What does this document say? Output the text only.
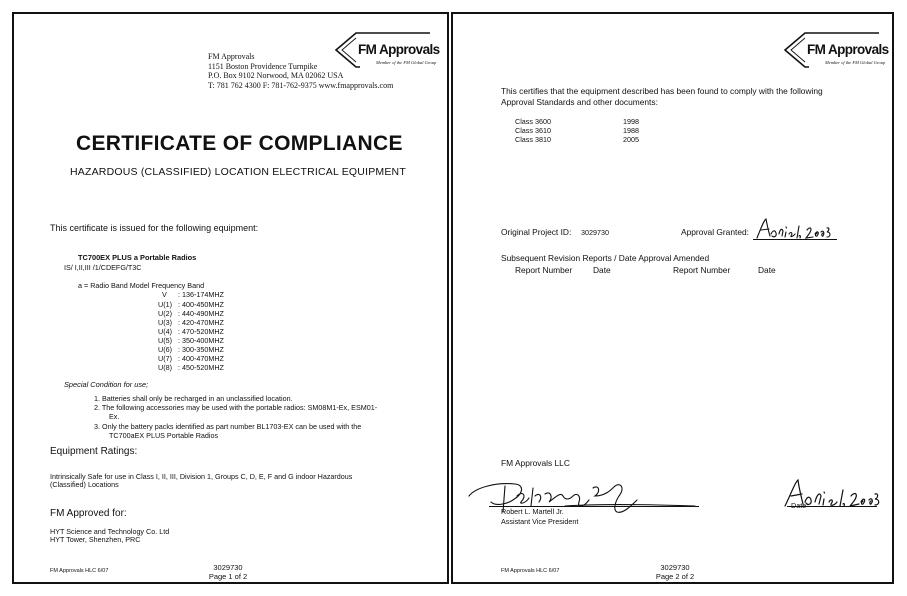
FM Approvals
Member of the FM Global Group
FM Approvals
1151 Boston Providence Turnpike
P.O. Box 9102 Norwood, MA 02062 USA
T: 781 762 4300 F: 781-762-9375 www.fmapprovals.com
CERTIFICATE OF COMPLIANCE
HAZARDOUS (CLASSIFIED) LOCATION ELECTRICAL EQUIPMENT
This certificate is issued for the following equipment:
TC700EX PLUS a Portable Radios
IS/ I,II,III /1/CDEFG/T3C
a = Radio Band Model Frequency Band
V : 136-174MHZ
U(1) : 400-450MHZ
U(2) : 440-490MHZ
U(3) : 420-470MHZ
U(4) : 470-520MHZ
U(5) : 350-400MHZ
U(6) : 300-350MHZ
U(7) : 400-470MHZ
U(8) : 450-520MHZ
Special Condition for use;
1. Batteries shall only be recharged in an unclassified location.
2. The following accessories may be used with the portable radios: SM08M1-Ex, ESM01-
Ex.
3. Only the battery packs identified as part number BL1703-EX can be used with the
TC700aEX PLUS Portable Radios
Equipment Ratings:
Intrinsically Safe for use in Class I, II, III, Division 1, Groups C, D, E, F and G indoor Hazardous
(Classified) Locations
FM Approved for:
HYT Science and Technology Co. Ltd
HYT Tower, Shenzhen, PRC
FM Approvals HLC 6/07	3029730
Page 1 of 2
FM Approvals
Member of the FM Global Group
This certifies that the equipment described has been found to comply with the following
Approval Standards and other documents:
Class 3600	1998
Class 3610	1988
Class 3810	2005
Original Project ID: 3029730	Approval Granted:
Subsequent Revision Reports / Date Approval Amended
Report Number Date	Report Number	Date
FM Approvals LLC
Robert L. Martell Jr.
Assistant Vice President
Date
FM Approvals HLC 6/07	3029730
Page 2 of 2
